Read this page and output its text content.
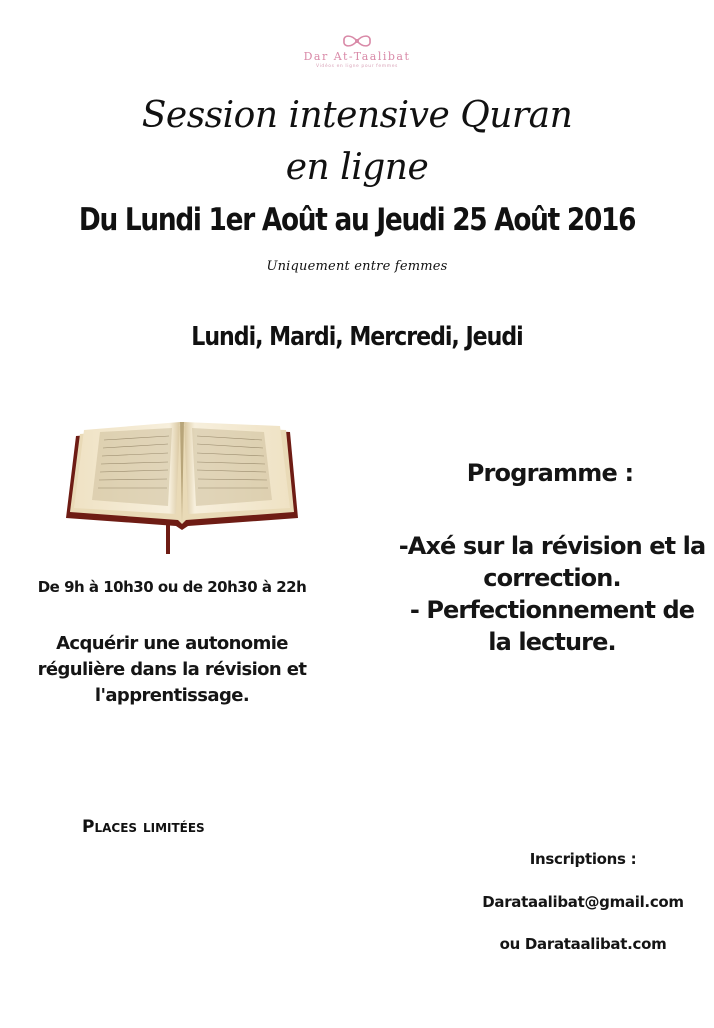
Dar At-Taalibat
Vidéos en ligne pour femmes
Session intensive Quran en ligne
Du Lundi 1er Août au Jeudi 25 Août 2016
Uniquement entre femmes
Lundi, Mardi, Mercredi, Jeudi
De 9h à 10h30 ou de 20h30 à 22h
Acquérir une autonomie régulière dans la révision et l'apprentissage.
Programme :
-Axé sur la révision et la correction.
- Perfectionnement de la lecture.
Places limitées
Inscriptions :
Darataalibat@gmail.com
ou Darataalibat.com
